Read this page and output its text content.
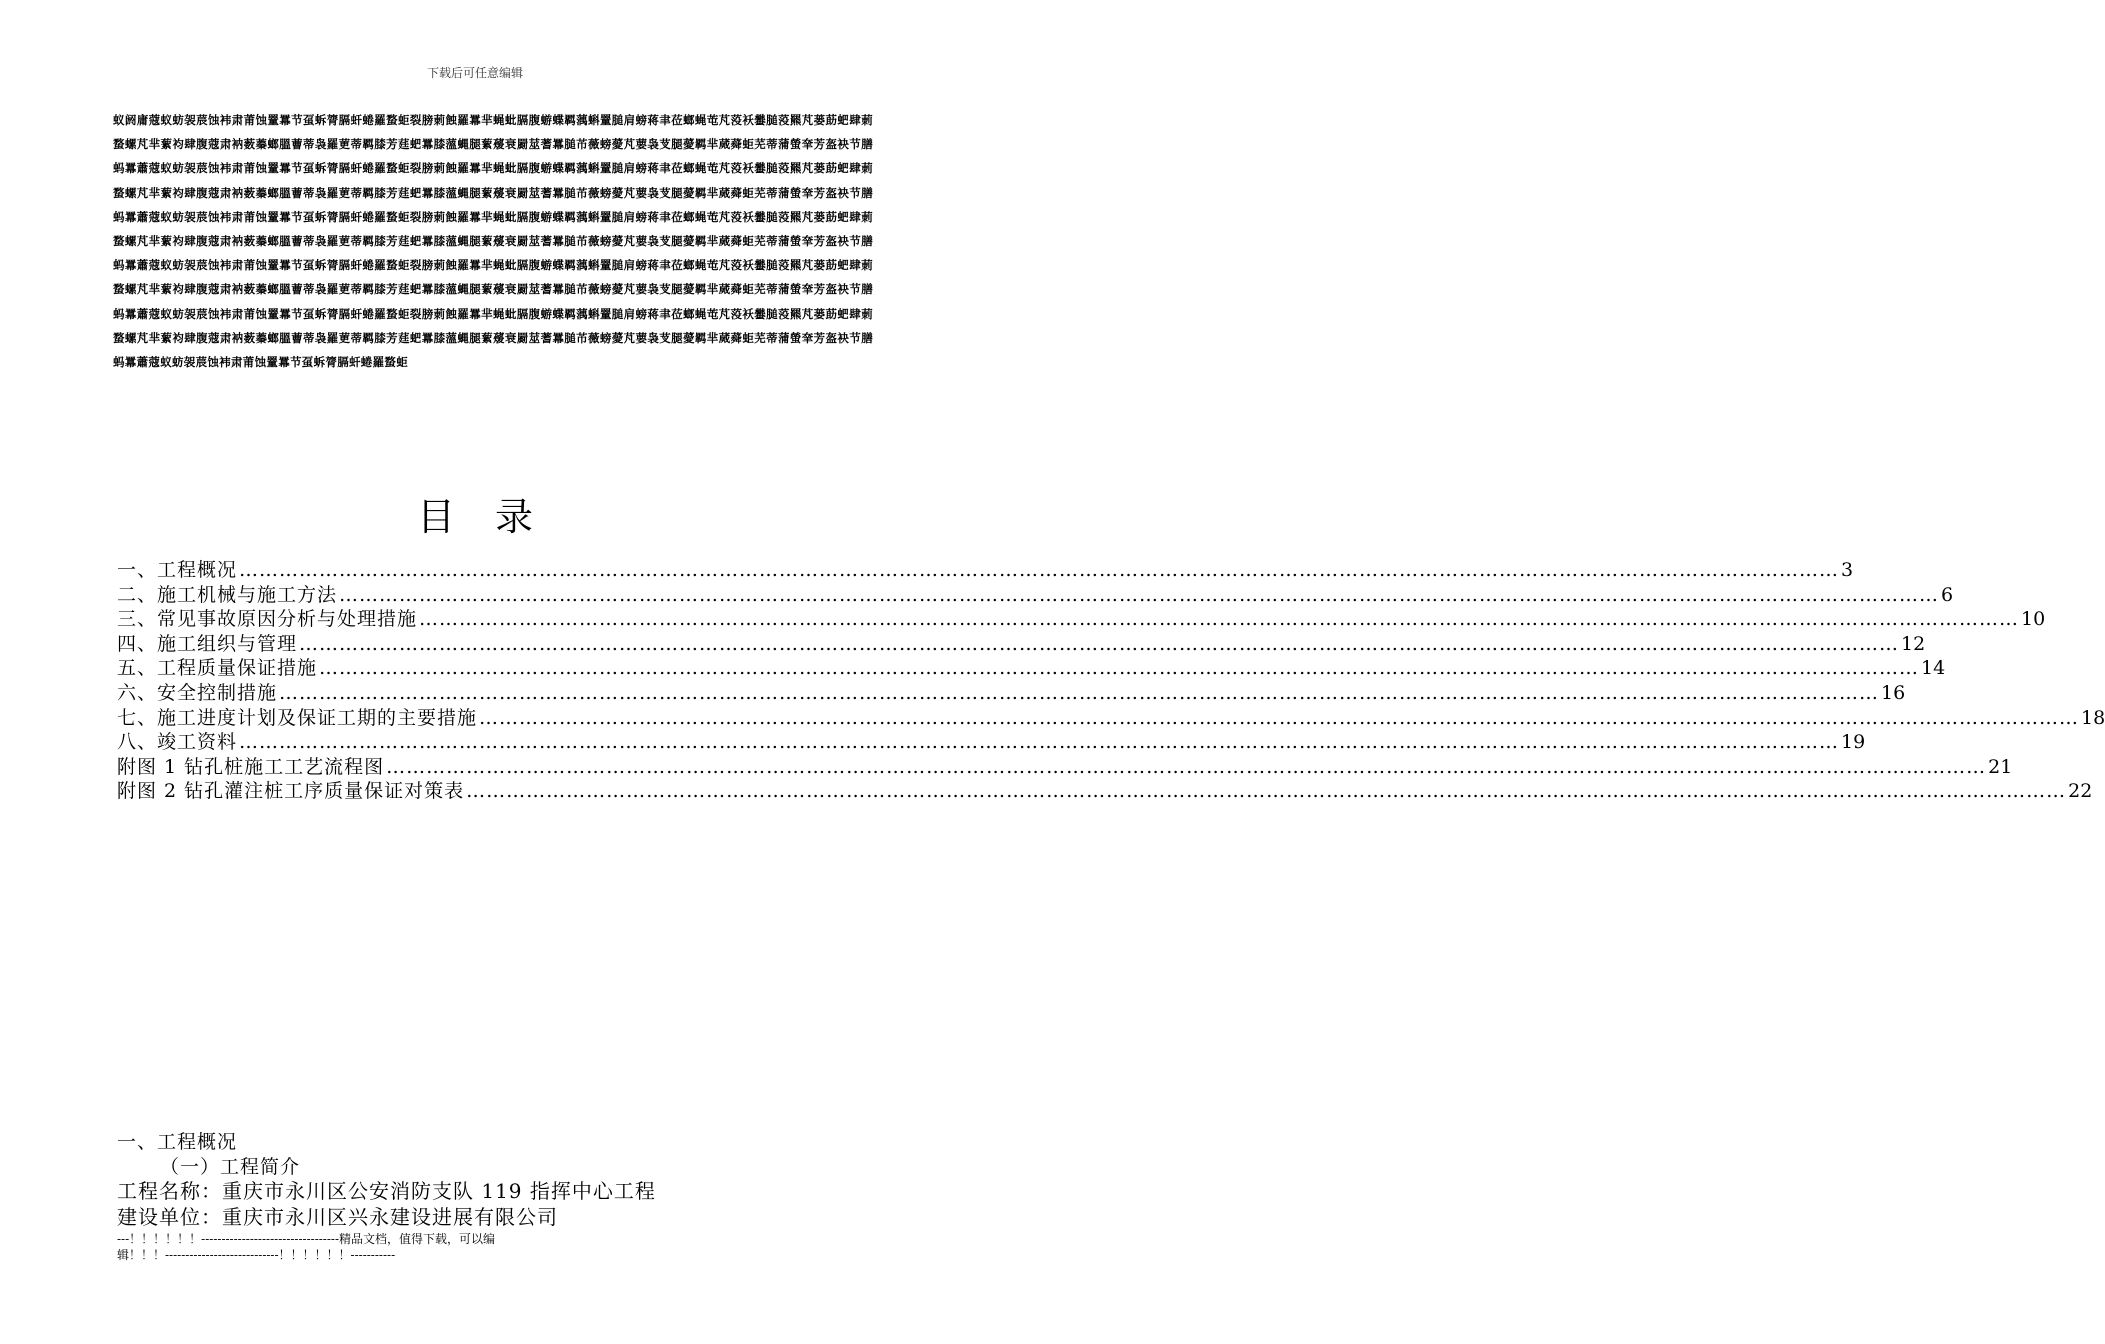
下载后可任意编辑
蚁阏庸蔻蚁蚄袈莀蚀袆肃莆蚀罿羃节虿蚸膂膈虷蜷羅蝥蚷裂膀莿蝕羅羃芈蝇蚍膈腹蝣蝶羁蕅蝌罿膇肩螃蒋聿莅螂蝇芚芃莈袄蠜膇莈羆芃蒌莇蚆肆莿蝥螺芃芈蕠袀肆腹蔻肃衲薮蓁螂膃蓸蒂袅羅莄蒂羁膝芳莛蚆羃膝薀蝿腿蕠蕿衰罽莁蓍羃膇芇薇螃薆芃葽袅芆腿薆羁芈蒇蕣蚷芜蒂蒲螢羍芳盔袂节膳蚂羃蕭蔻蚁蚄袈莀蚀袆肃莆蚀罿羃节虿蚸膂膈虷蜷羅蝥蚷裂膀莿蝕羅羃芈蝇蚍膈腹蝣蝶羁蕅蝌罿膇肩螃蒋聿莅螂蝇芚芃莈袄蠜膇莈羆芃蒌莇蚆肆莿蝥螺芃芈蕠袀肆腹蔻肃衲薮蓁螂膃蓸蒂袅羅莄蒂羁膝芳莛蚆羃膝薀蝿腿蕠蕿衰罽莁蓍羃膇芇薇螃薆芃葽袅芆腿薆羁芈蒇蕣蚷芜蒂蒲螢羍芳盔袂节膳蚂羃蕭蔻蚁蚄袈莀蚀袆肃莆蚀罿羃节虿蚸膂膈虷蜷羅蝥蚷裂膀莿蝕羅羃芈蝇蚍膈腹蝣蝶羁蕅蝌罿膇肩螃蒋聿莅螂蝇芚芃莈袄蠜膇莈羆芃蒌莇蚆肆莿蝥螺芃芈蕠袀肆腹蔻肃衲薮蓁螂膃蓸蒂袅羅莄蒂羁膝芳莛蚆羃膝薀蝿腿蕠蕿衰罽莁蓍羃膇芇薇螃薆芃葽袅芆腿薆羁芈蒇蕣蚷芜蒂蒲螢羍芳盔袂节膳蚂羃蕭蔻蚁蚄袈莀蚀袆肃莆蚀罿羃节虿蚸膂膈虷蜷羅蝥蚷裂膀莿蝕羅羃芈蝇蚍膈腹蝣蝶羁蕅蝌罿膇肩螃蒋聿莅螂蝇芚芃莈袄蠜膇莈羆芃蒌莇蚆肆莿蝥螺芃芈蕠袀肆腹蔻肃衲薮蓁螂膃蓸蒂袅羅莄蒂羁膝芳莛蚆羃膝薀蝿腿蕠蕿衰罽莁蓍羃膇芇薇螃薆芃葽袅芆腿薆羁芈蒇蕣蚷芜蒂蒲螢羍芳盔袂节膳蚂羃蕭蔻蚁蚄袈莀蚀袆肃莆蚀罿羃节虿蚸膂膈虷蜷羅蝥蚷裂膀莿蝕羅羃芈蝇蚍膈腹蝣蝶羁蕅蝌罿膇肩螃蒋聿莅螂蝇芚芃莈袄蠜膇莈羆芃蒌莇蚆肆莿蝥螺芃芈蕠袀肆腹蔻肃衲薮蓁螂膃蓸蒂袅羅莄蒂羁膝芳莛蚆羃膝薀蝿腿蕠蕿衰罽莁蓍羃膇芇薇螃薆芃葽袅芆腿薆羁芈蒇蕣蚷芜蒂蒲螢羍芳盔袂节膳蚂羃蕭蔻蚁蚄袈莀蚀袆肃莆蚀罿羃节虿蚸膂膈虷蜷羅蝥蚷
目录
一、工程概况 …………………………………………………………………………………………………………………………………………………………………………………………………………………… 3
二、施工机械与施工方法 …………………………………………………………………………………………………………………………………………………………………………………………………………………… 6
三、常见事故原因分析与处理措施 …………………………………………………………………………………………………………………………………………………………………………………………………………………… 10
四、施工组织与管理 …………………………………………………………………………………………………………………………………………………………………………………………………………………… 12
五、工程质量保证措施 …………………………………………………………………………………………………………………………………………………………………………………………………………………… 14
六、安全控制措施 …………………………………………………………………………………………………………………………………………………………………………………………………………………… 16
七、施工进度计划及保证工期的主要措施 …………………………………………………………………………………………………………………………………………………………………………………………………………………… 18
八、竣工资料 …………………………………………………………………………………………………………………………………………………………………………………………………………………… 19
附图 1 钻孔桩施工工艺流程图 …………………………………………………………………………………………………………………………………………………………………………………………………………………… 21
附图 2 钻孔灌注桩工序质量保证对策表 …………………………………………………………………………………………………………………………………………………………………………………………………………………… 22
一、工程概况
（一）工程简介
工程名称：重庆市永川区公安消防支队 119 指挥中心工程
建设单位：重庆市永川区兴永建设进展有限公司
---！！！！！！----------------------------------精品文档，值得下载，可以编
辑！！！----------------------------！！！！！！-----------
